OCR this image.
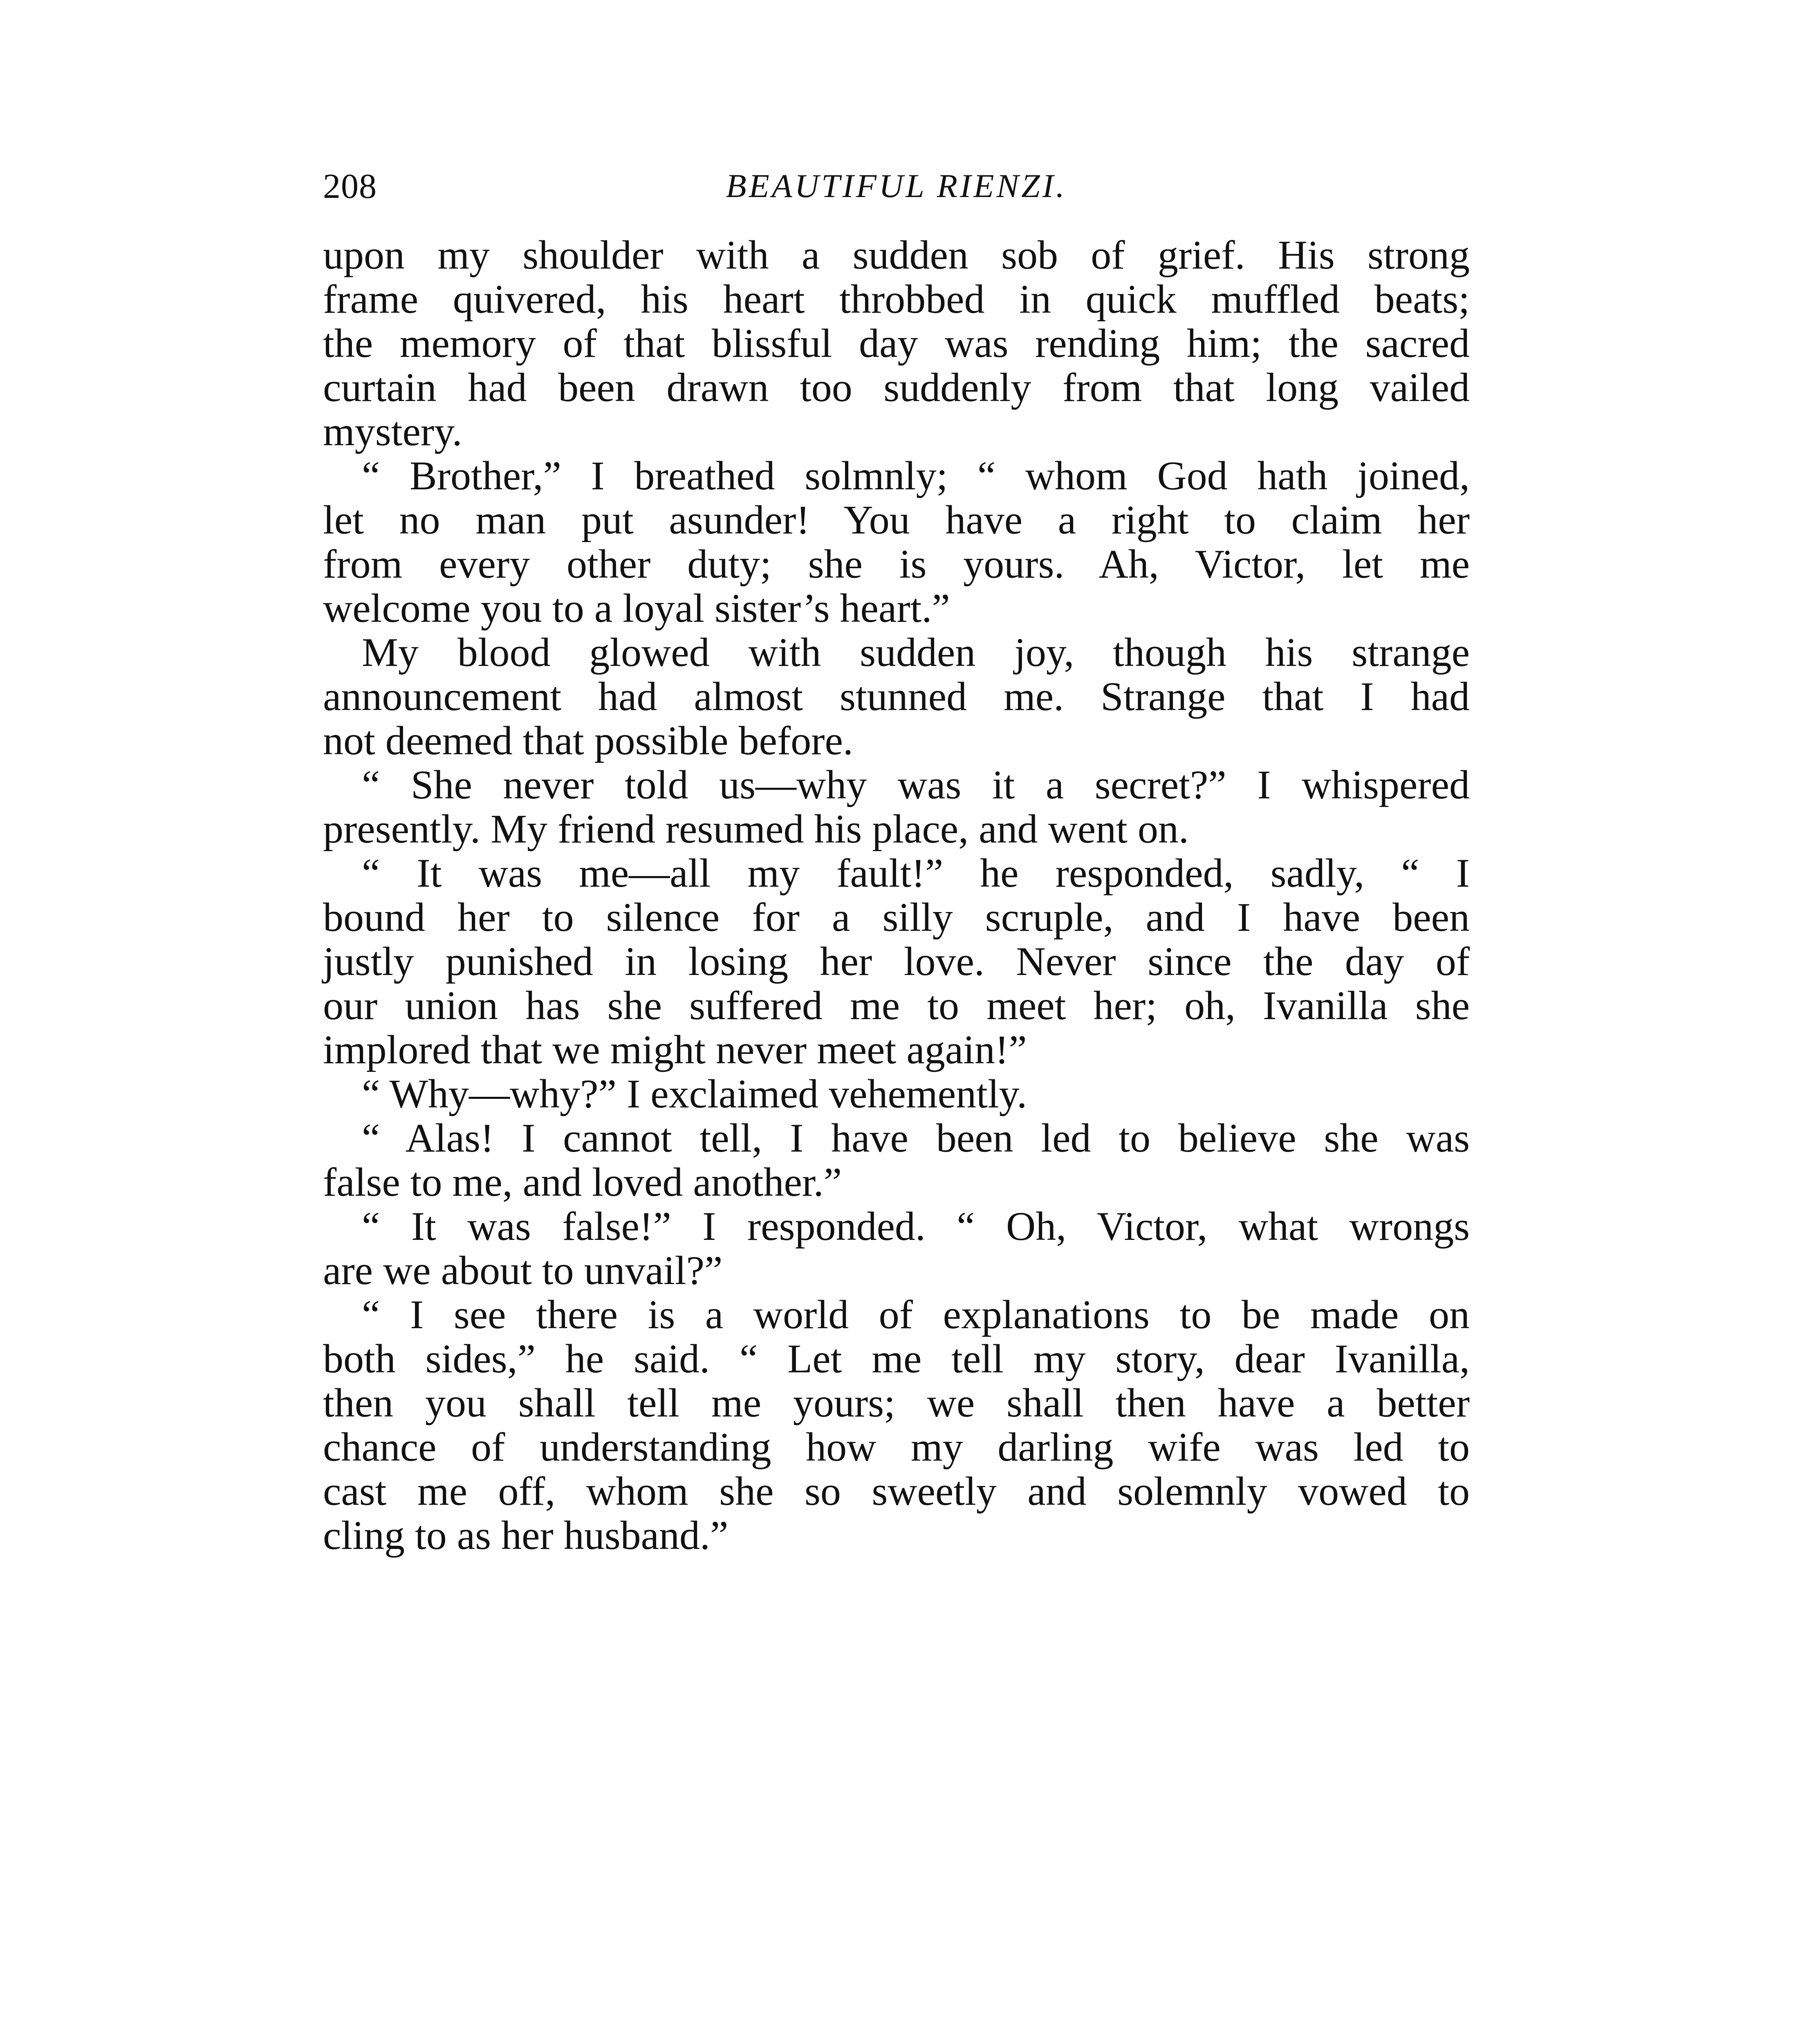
208	BEAUTIFUL RIENZI.
upon my shoulder with a sudden sob of grief. His strong
frame quivered, his heart throbbed in quick muffled beats;
the memory of that blissful day was rending him; the sacred
curtain had been drawn too suddenly from that long vailed
mystery.
“ Brother,” I breathed solmnly; “ whom God hath joined,
let no man put asunder! You have a right to claim her
from every other duty; she is yours. Ah, Victor, let me
welcome you to a loyal sister’s heart.”
My blood glowed with sudden joy, though his strange
announcement had almost stunned me. Strange that I had
not deemed that possible before.
“ She never told us—why was it a secret?” I whispered
presently. My friend resumed his place, and went on.
“ It was me—all my fault!” he responded, sadly, “ I
bound her to silence for a silly scruple, and I have been
justly punished in losing her love. Never since the day of
our union has she suffered me to meet her; oh, Ivanilla she
implored that we might never meet again!”
“ Why—why?” I exclaimed vehemently.
“ Alas! I cannot tell, I have been led to believe she was
false to me, and loved another.”
“ It was false!” I responded. “ Oh, Victor, what wrongs
are we about to unvail?”
“ I see there is a world of explanations to be made on
both sides,” he said. “ Let me tell my story, dear Ivanilla,
then you shall tell me yours; we shall then have a better
chance of understanding how my darling wife was led to
cast me off, whom she so sweetly and solemnly vowed to
cling to as her husband.”
